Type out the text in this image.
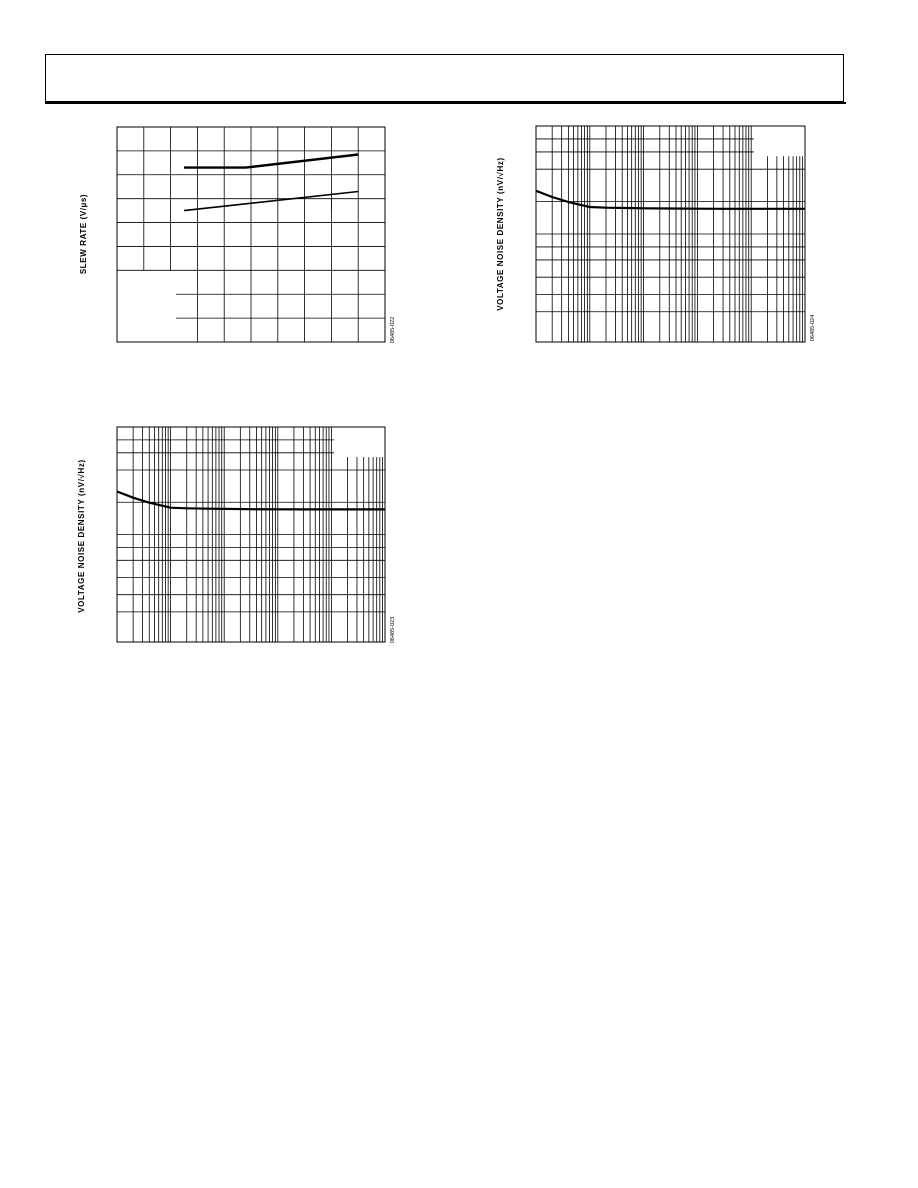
SLEW RATE (V/µs)
06485-022
VOLTAGE NOISE DENSITY (nV/√Hz)
06485-024
VOLTAGE NOISE DENSITY (nV/√Hz)
06485-023
